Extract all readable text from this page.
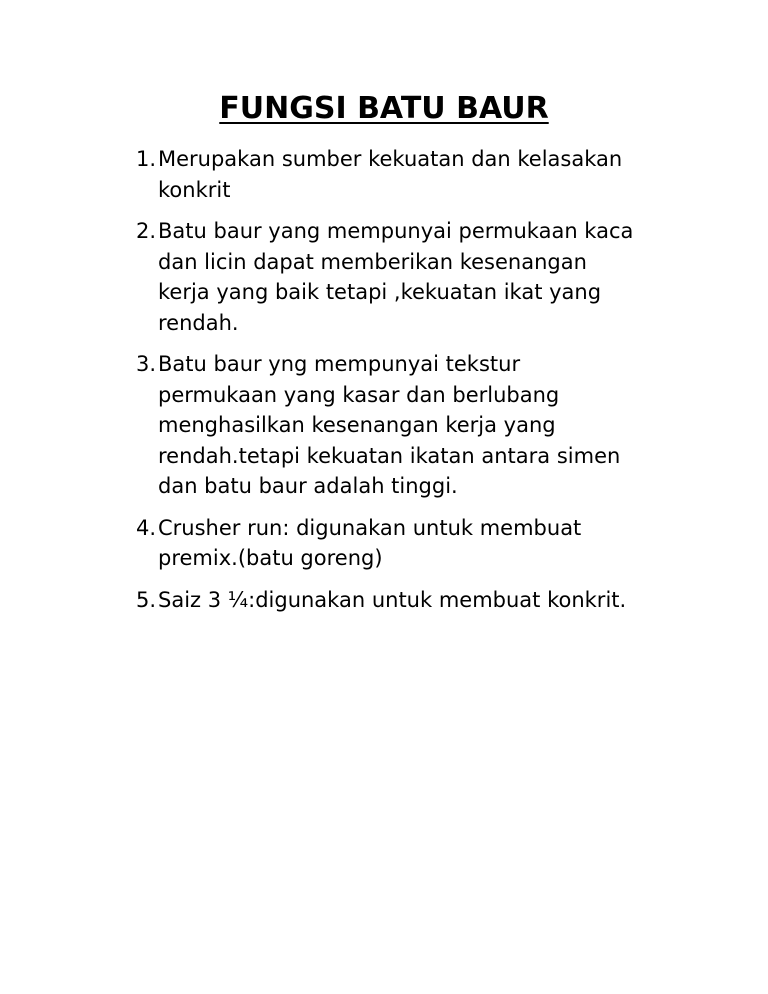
FUNGSI BATU BAUR
1. Merupakan sumber kekuatan dan kelasakan
konkrit
2. Batu baur yang mempunyai permukaan kaca
dan licin dapat memberikan kesenangan
kerja yang baik tetapi ,kekuatan ikat yang
rendah.
3. Batu baur yng mempunyai tekstur
permukaan yang kasar dan berlubang
menghasilkan kesenangan kerja yang
rendah.tetapi kekuatan ikatan antara simen
dan batu baur adalah tinggi.
4. Crusher run: digunakan untuk membuat
premix.(batu goreng)
5. Saiz 3 ¼:digunakan untuk membuat konkrit.
